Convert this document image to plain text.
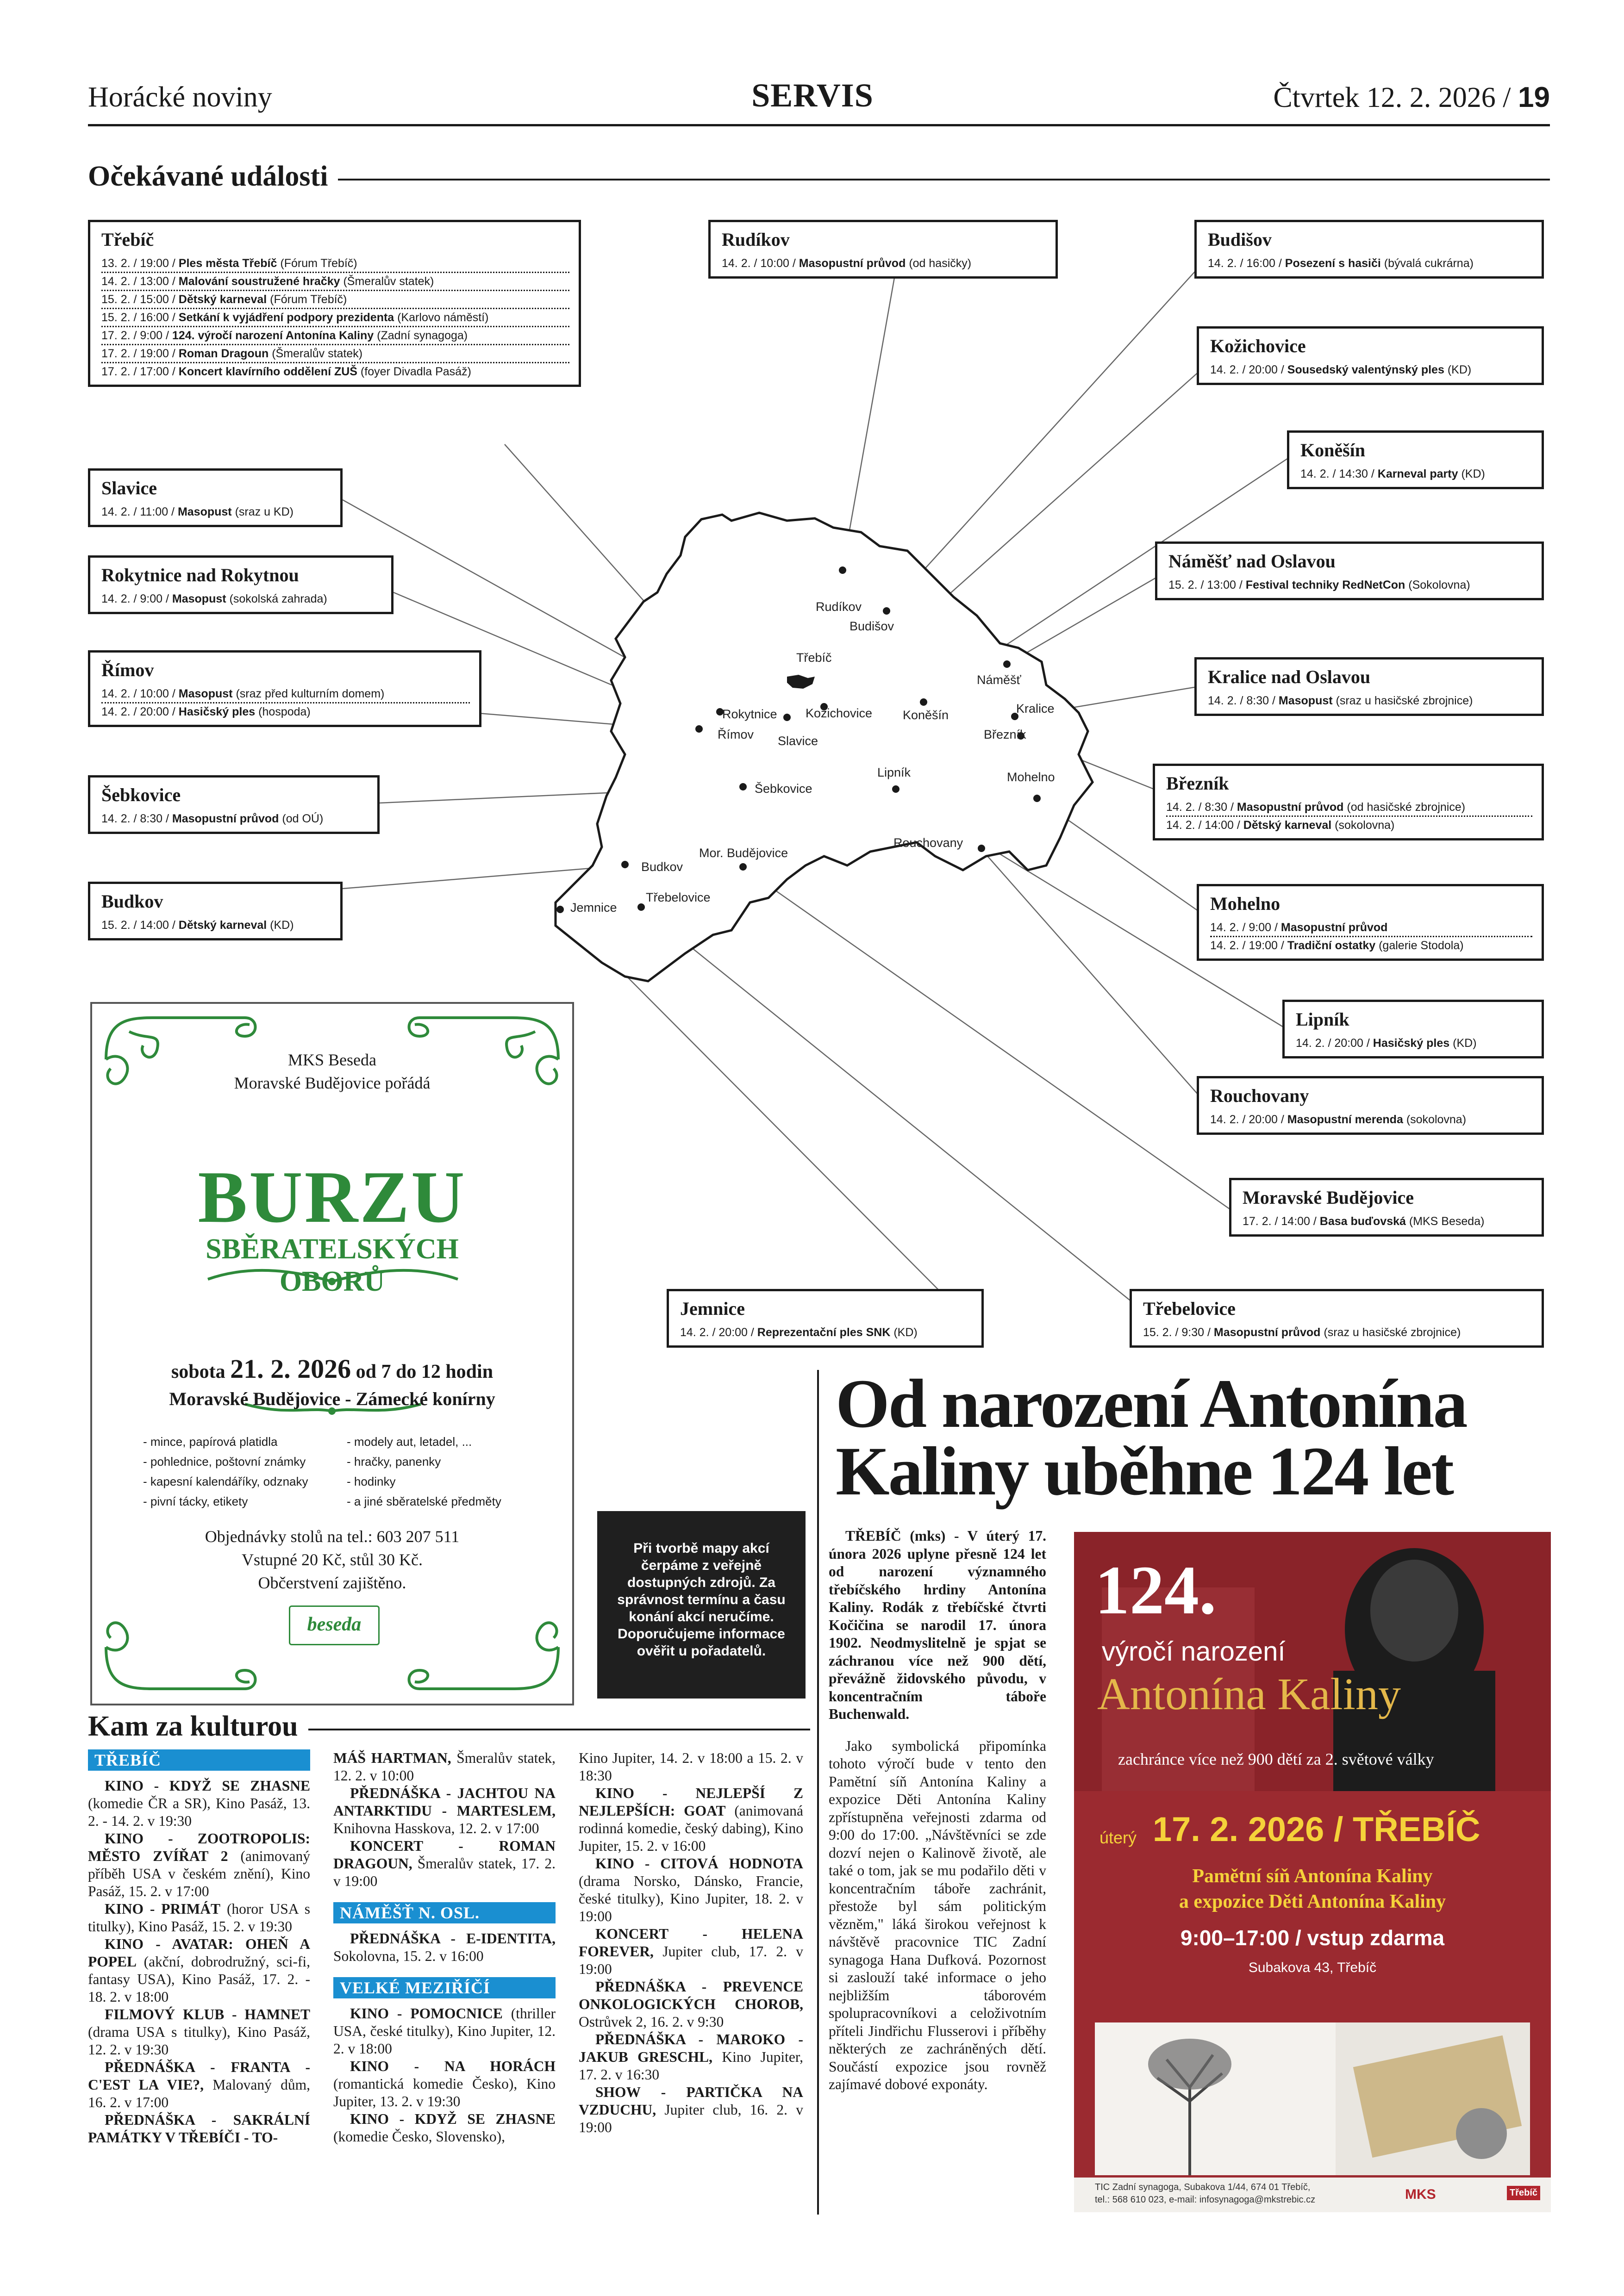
Horácké noviny	SERVIS	Čtvrtek 12. 2. 2026 / 19
Očekávané události
Rudíkov
Budišov
Třebíč
Náměšť
Kralice
Březník
Rokytnice
Římov
Kožichovice
Slavice
Koněšín
Lipník	Mohelno
Šebkovice
Rouchovany
Mor. Budějovice
Budkov
Jemnice
Třebelovice
Třebíč
13. 2. / 19:00 / Ples města Třebíč (Fórum Třebíč)
14. 2. / 13:00 / Malování soustružené hračky (Šmeralův statek)
15. 2. / 15:00 / Dětský karneval (Fórum Třebíč)
15. 2. / 16:00 / Setkání k vyjádření podpory prezidenta (Karlovo náměstí)
17. 2. / 9:00 / 124. výročí narození Antonína Kaliny (Zadní synagoga)
17. 2. / 19:00 / Roman Dragoun (Šmeralův statek)
17. 2. / 17:00 / Koncert klavírního oddělení ZUŠ (foyer Divadla Pasáž)
Slavice
14. 2. / 11:00 / Masopust (sraz u KD)
Rokytnice nad Rokytnou
14. 2. / 9:00 / Masopust (sokolská zahrada)
Římov
14. 2. / 10:00 / Masopust (sraz před kulturním domem)
14. 2. / 20:00 / Hasičský ples (hospoda)
Šebkovice
14. 2. / 8:30 / Masopustní průvod (od OÚ)
Budkov
15. 2. / 14:00 / Dětský karneval (KD)
Rudíkov
14. 2. / 10:00 / Masopustní průvod (od hasičky)
Budišov
14. 2. / 16:00 / Posezení s hasiči (bývalá cukrárna)
Kožichovice
14. 2. / 20:00 / Sousedský valentýnský ples (KD)
Koněšín
14. 2. / 14:30 / Karneval party (KD)
Náměšť nad Oslavou
15. 2. / 13:00 / Festival techniky RedNetCon (Sokolovna)
Kralice nad Oslavou
14. 2. / 8:30 / Masopust (sraz u hasičské zbrojnice)
Březník
14. 2. / 8:30 / Masopustní průvod (od hasičské zbrojnice)
14. 2. / 14:00 / Dětský karneval (sokolovna)
Mohelno
14. 2. / 9:00 / Masopustní průvod
14. 2. / 19:00 / Tradiční ostatky (galerie Stodola)
Lipník
14. 2. / 20:00 / Hasičský ples (KD)
Rouchovany
14. 2. / 20:00 / Masopustní merenda (sokolovna)
Moravské Budějovice
17. 2. / 14:00 / Basa buďovská (MKS Beseda)
Jemnice
14. 2. / 20:00 / Reprezentační ples SNK (KD)
Třebelovice
15. 2. / 9:30 / Masopustní průvod (sraz u hasičské zbrojnice)
MKS Beseda
Moravské Budějovice pořádá
BURZU
SBĚRATELSKÝCH
OBORŮ
sobota 21. 2. 2026 od 7 do 12 hodin
Moravské Budějovice - Zámecké konírny
- mince, papírová platidla
- pohlednice, poštovní známky
- kapesní kalendáříky, odznaky
- pivní tácky, etikety
- modely aut, letadel, ...
- hračky, panenky
- hodinky
- a jiné sběratelské předměty
Objednávky stolů na tel.: 603 207 511
Vstupné 20 Kč, stůl 30 Kč.
Občerstvení zajištěno.
beseda
Při tvorbě mapy akcí čerpáme z veřejně dostupných zdrojů. Za správnost termínu a času konání akcí neručíme. Doporučujeme informace ověřit u pořadatelů.
Kam za kulturou
TŘEBÍČ

KINO - KDYŽ SE ZHASNE (komedie ČR a SR), Kino Pasáž, 13. 2. - 14. 2. v 19:30

KINO - ZOOTROPOLIS: MĚSTO ZVÍŘAT 2 (animovaný příběh USA v českém znění), Kino Pasáž, 15. 2. v 17:00

KINO - PRIMÁT (horor USA s titulky), Kino Pasáž, 15. 2. v 19:30

KINO - AVATAR: OHEŇ A POPEL (akční, dobrodružný, sci-fi, fantasy USA), Kino Pasáž, 17. 2. - 18. 2. v 18:00

FILMOVÝ KLUB - HAMNET (drama USA s titulky), Kino Pasáž, 12. 2. v 19:30

PŘEDNÁŠKA - FRANTA - C'EST LA VIE?, Malovaný dům, 16. 2. v 17:00

PŘEDNÁŠKA - SAKRÁLNÍ PAMÁTKY V TŘEBÍČI - TO-

MÁŠ HARTMAN, Šmeralův statek, 12. 2. v 10:00

PŘEDNÁŠKA - JACHTOU NA ANTARKTIDU - MARTESLEM, Knihovna Hasskova, 12. 2. v 17:00

KONCERT - ROMAN DRAGOUN, Šmeralův statek, 17. 2. v 19:00

NÁMĚŠŤ N. OSL.

PŘEDNÁŠKA - E-IDENTITA, Sokolovna, 15. 2. v 16:00

VELKÉ MEZIŘÍČÍ

KINO - POMOCNICE (thriller USA, české titulky), Kino Jupiter, 12. 2. v 18:00

KINO - NA HORÁCH (romantická komedie Česko), Kino Jupiter, 13. 2. v 19:30

KINO - KDYŽ SE ZHASNE (komedie Česko, Slovensko),

Kino Jupiter, 14. 2. v 18:00 a 15. 2. v 18:30

KINO - NEJLEPŠÍ Z NEJLEPŠÍCH: GOAT (animovaná rodinná komedie, český dabing), Kino Jupiter, 15. 2. v 16:00

KINO - CITOVÁ HODNOTA (drama Norsko, Dánsko, Francie, české titulky), Kino Jupiter, 18. 2. v 19:00

KONCERT - HELENA FOREVER, Jupiter club, 17. 2. v 19:00

PŘEDNÁŠKA - PREVENCE ONKOLOGICKÝCH CHOROB, Ostrůvek 2, 16. 2. v 9:30

PŘEDNÁŠKA - MAROKO - JAKUB GRESCHL, Kino Jupiter, 17. 2. v 16:30

SHOW - PARTIČKA NA VZDUCHU, Jupiter club, 16. 2. v 19:00

Od narození Antonína Kaliny uběhne 124 let

TŘEBÍČ (mks) - V úterý 17. února 2026 uplyne přesně 124 let od narození významného třebíčského hrdiny Antonína Kaliny. Rodák z třebíčské čtvrti Kočičina se narodil 17. února 1902. Neodmyslitelně je spjat se záchranou více než 900 dětí, převážně židovského původu, v koncentračním táboře Buchenwald.

Jako symbolická připomínka tohoto výročí bude v tento den Pamětní síň Antonína Kaliny a expozice Děti Antonína Kaliny zpřístupněna veřejnosti zdarma od 9:00 do 17:00. „Návštěvníci se zde dozví nejen o Kalinově životě, ale také o tom, jak se mu podařilo děti v koncentračním táboře zachránit, přestože byl sám politickým vězněm," láká širokou veřejnost k návštěvě pracovnice TIC Zadní synagoga Hana Dufková. Pozornost si zaslouží také informace o jeho nejbližším táborovém spolupracovníkovi a celoživotním příteli Jindřichu Flusserovi i příběhy některých ze zachráněných dětí. Součástí expozice jsou rovněž zajímavé dobové exponáty.

124.
výročí narození
Antonína Kaliny
zachránce více než 900 dětí za 2. světové války
úterý 17. 2. 2026 / TŘEBÍČ
Pamětní síň Antonína Kaliny
a expozice Děti Antonína Kaliny
9:00–17:00 / vstup zdarma
Subakova 43, Třebíč
TIC Zadní synagoga, Subakova 1/44, 674 01 Třebíč,
tel.: 568 610 023, e-mail: infosynagoga@mkstrebic.cz	MKS	Třebíč
